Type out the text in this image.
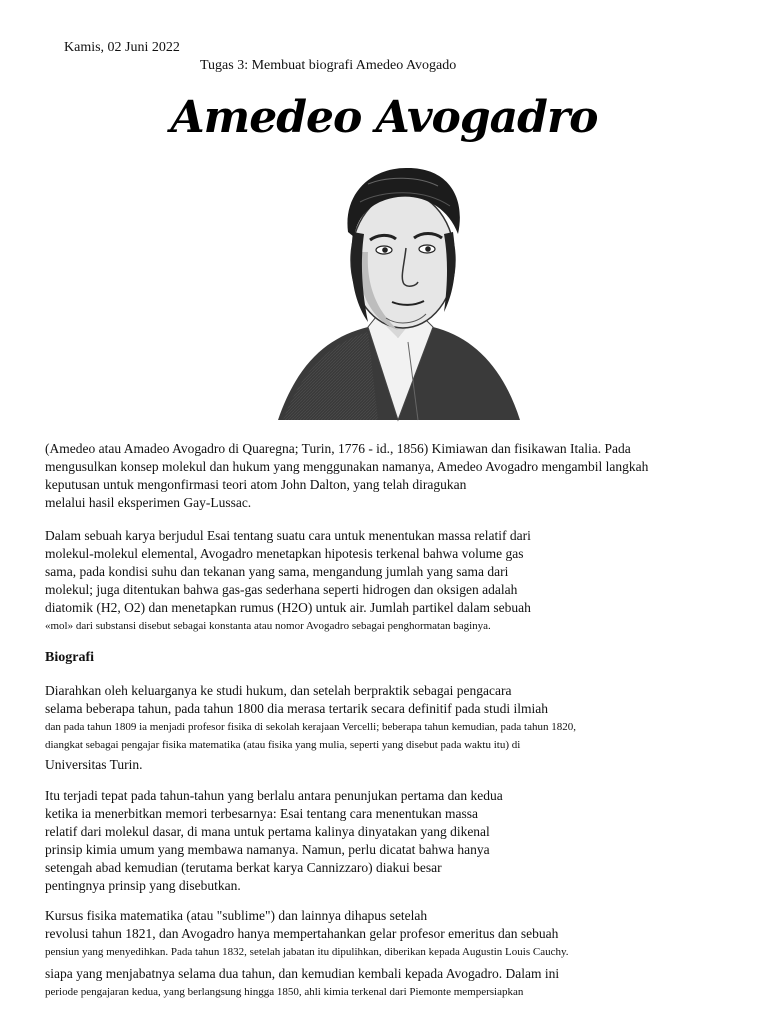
Kamis, 02 Juni 2022
Tugas 3: Membuat biografi Amedeo Avogado
Amedeo Avogadro
(Amedeo atau Amadeo Avogadro di Quaregna; Turin, 1776 - id., 1856) Kimiawan dan fisikawan Italia. Pada
mengusulkan konsep molekul dan hukum yang menggunakan namanya, Amedeo Avogadro mengambil langkah
keputusan untuk mengonfirmasi teori atom John Dalton, yang telah diragukan
melalui hasil eksperimen Gay-Lussac.
Dalam sebuah karya berjudul Esai tentang suatu cara untuk menentukan massa relatif dari
molekul-molekul elemental, Avogadro menetapkan hipotesis terkenal bahwa volume gas
sama, pada kondisi suhu dan tekanan yang sama, mengandung jumlah yang sama dari
molekul; juga ditentukan bahwa gas-gas sederhana seperti hidrogen dan oksigen adalah
diatomik (H2, O2) dan menetapkan rumus (H2O) untuk air. Jumlah partikel dalam sebuah
«mol» dari substansi disebut sebagai konstanta atau nomor Avogadro sebagai penghormatan baginya.
Biografi
Diarahkan oleh keluarganya ke studi hukum, dan setelah berpraktik sebagai pengacara
selama beberapa tahun, pada tahun 1800 dia merasa tertarik secara definitif pada studi ilmiah
dan pada tahun 1809 ia menjadi profesor fisika di sekolah kerajaan Vercelli; beberapa tahun kemudian, pada tahun 1820,
diangkat sebagai pengajar fisika matematika (atau fisika yang mulia, seperti yang disebut pada waktu itu) di
Universitas Turin.
Itu terjadi tepat pada tahun-tahun yang berlalu antara penunjukan pertama dan kedua
ketika ia menerbitkan memori terbesarnya: Esai tentang cara menentukan massa
relatif dari molekul dasar, di mana untuk pertama kalinya dinyatakan yang dikenal
prinsip kimia umum yang membawa namanya. Namun, perlu dicatat bahwa hanya
setengah abad kemudian (terutama berkat karya Cannizzaro) diakui besar
pentingnya prinsip yang disebutkan.
Kursus fisika matematika (atau "sublime") dan lainnya dihapus setelah
revolusi tahun 1821, dan Avogadro hanya mempertahankan gelar profesor emeritus dan sebuah
pensiun yang menyedihkan. Pada tahun 1832, setelah jabatan itu dipulihkan, diberikan kepada Augustin Louis Cauchy.
siapa yang menjabatnya selama dua tahun, dan kemudian kembali kepada Avogadro. Dalam ini
periode pengajaran kedua, yang berlangsung hingga 1850, ahli kimia terkenal dari Piemonte mempersiapkan
